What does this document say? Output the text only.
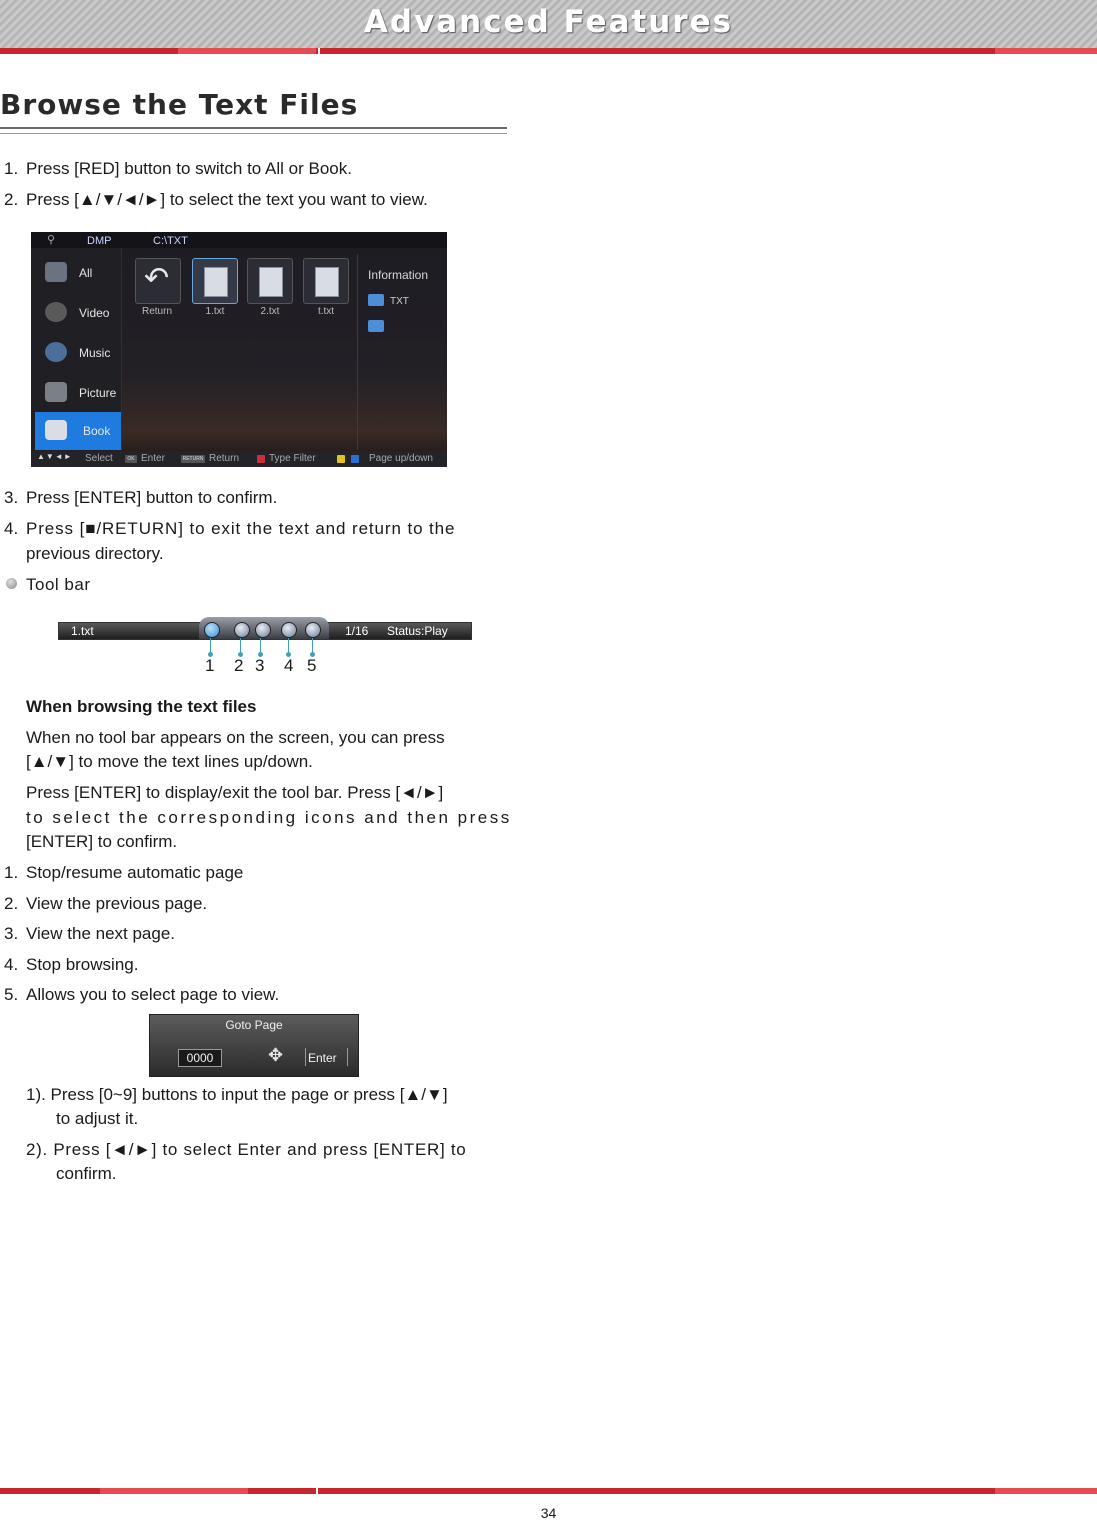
Advanced Features
Browse the Text Files
1. Press [RED] button to switch to All or Book.
2. Press [▲/▼/◄/►] to select the text you want to view.
⚲	DMP	C:\TXT
All
Video
Music
Picture
Book
↶
Return	1.txt	2.txt	t.txt
Information
TXT
▲▼◄► Select	OK Enter	RETURN Return	Type Filter	Page up/down
3. Press [ENTER] button to confirm.
4. Press [■/RETURN] to exit the text and return to the
previous directory.
Tool bar
1.txt	1/16 Status:Play
1 2 3 4 5
When browsing the text files
When no tool bar appears on the screen, you can press
[▲/▼] to move the text lines up/down.
Press [ENTER] to display/exit the tool bar. Press [◄/►]
to select the corresponding icons and then press
[ENTER] to confirm.
1. Stop/resume automatic page
2. View the previous page.
3. View the next page.
4. Stop browsing.
5. Allows you to select page to view.
Goto Page
0000	✥ Enter
1). Press [0~9] buttons to input the page or press [▲/▼]
to adjust it.
2). Press [◄/►] to select Enter and press [ENTER] to
confirm.
34
